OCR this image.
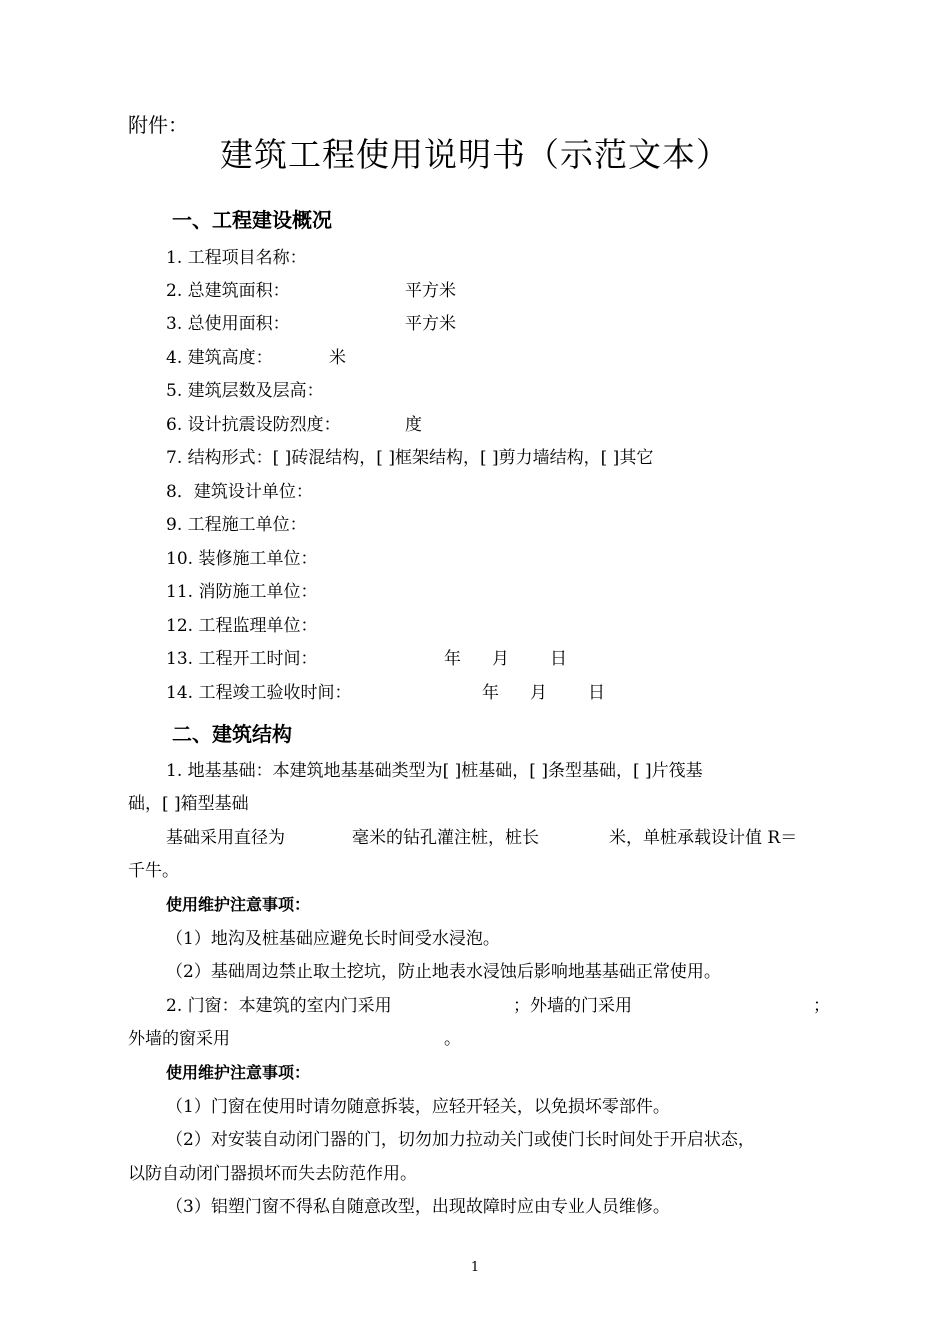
附件：
建筑工程使用说明书（示范文本）
一、工程建设概况
1. 工程项目名称：
2. 总建筑面积：	平方米
3. 总使用面积：	平方米
4. 建筑高度：	米
5. 建筑层数及层高：
6. 设计抗震设防烈度：	度
7. 结构形式：[ ]砖混结构，[ ]框架结构，[ ]剪力墙结构，[ ]其它
8．建筑设计单位：
9. 工程施工单位：
10. 装修施工单位：
11. 消防施工单位：
12. 工程监理单位：
13. 工程开工时间：	年 月 日
14. 工程竣工验收时间：	年 月 日
二、建筑结构
1. 地基基础：本建筑地基基础类型为[ ]桩基础，[ ]条型基础，[ ]片筏基
础，[ ]箱型基础
基础采用直径为	毫米的钻孔灌注桩，桩长	米，单桩承载设计值 R＝
千牛。
使用维护注意事项：
（1）地沟及桩基础应避免长时间受水浸泡。
（2）基础周边禁止取土挖坑，防止地表水浸蚀后影响地基基础正常使用。
2. 门窗：本建筑的室内门采用	；外墙的门采用	；
外墙的窗采用	。
使用维护注意事项：
（1）门窗在使用时请勿随意拆装，应轻开轻关，以免损坏零部件。
（2）对安装自动闭门器的门，切勿加力拉动关门或使门长时间处于开启状态，
以防自动闭门器损坏而失去防范作用。
（3）铝塑门窗不得私自随意改型，出现故障时应由专业人员维修。
1
